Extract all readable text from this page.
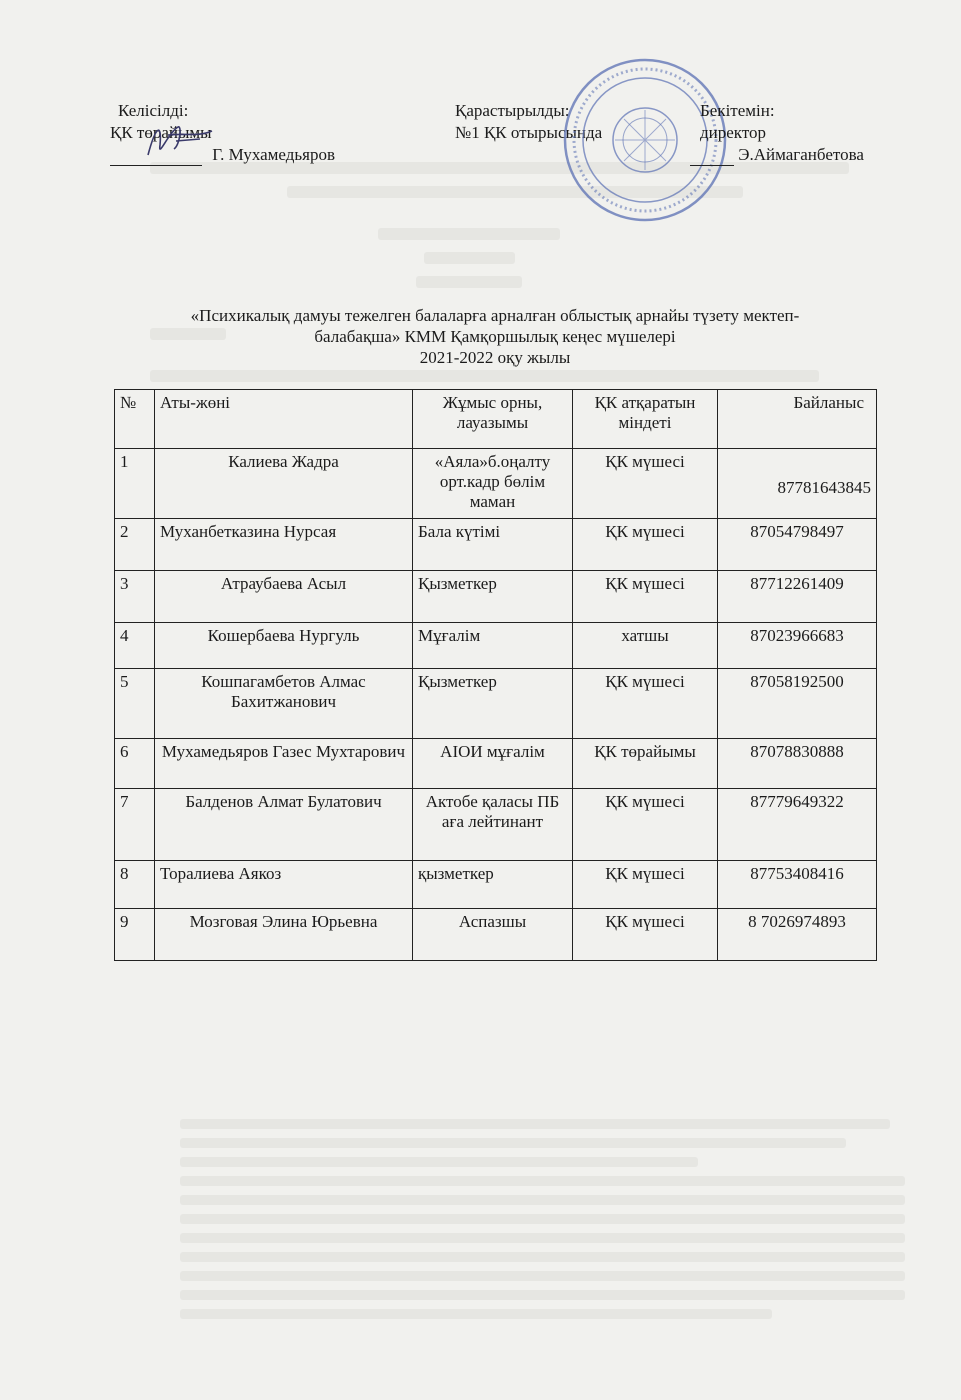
Келісілді:
ҚК төрайымы
Г. Мухамедьяров
Қарастырылды:
№1 ҚК отырысында
Бекітемін:
директор
Э.Аймаганбетова
«Психикалық дамуы тежелген балаларға арналған облыстық арнайы түзету мектеп-
балабақша» КММ Қамқоршылық кеңес мүшелері
2021-2022 оқу жылы
№	Аты-жөні	Жұмыс орны, лауазымы	ҚК атқаратын міндеті	Байланыс
1	Калиева Жадра	«Аяла»б.оңалту орт.кадр бөлім маман	ҚК мүшесі	87781643845
2	Муханбетказина Нурсая	Бала күтімі	ҚК мүшесі	87054798497
3	Атраубаева Асыл	Қызметкер	ҚК мүшесі	87712261409
4	Кошербаева Нургуль	Мұғалім	хатшы	87023966683
5	Кошпагамбетов Алмас Бахитжанович	Қызметкер	ҚК мүшесі	87058192500
6	Мухамедьяров Газес Мухтарович	АІОИ мұғалім	ҚК төрайымы	87078830888
7	Балденов Алмат Булатович	Актобе қаласы ПБ аға лейтинант	ҚК мүшесі	87779649322
8	Торалиева Аякоз	қызметкер	ҚК мүшесі	87753408416
9	Мозговая Элина Юрьевна	Аспазшы	ҚК мүшесі	8 7026974893
